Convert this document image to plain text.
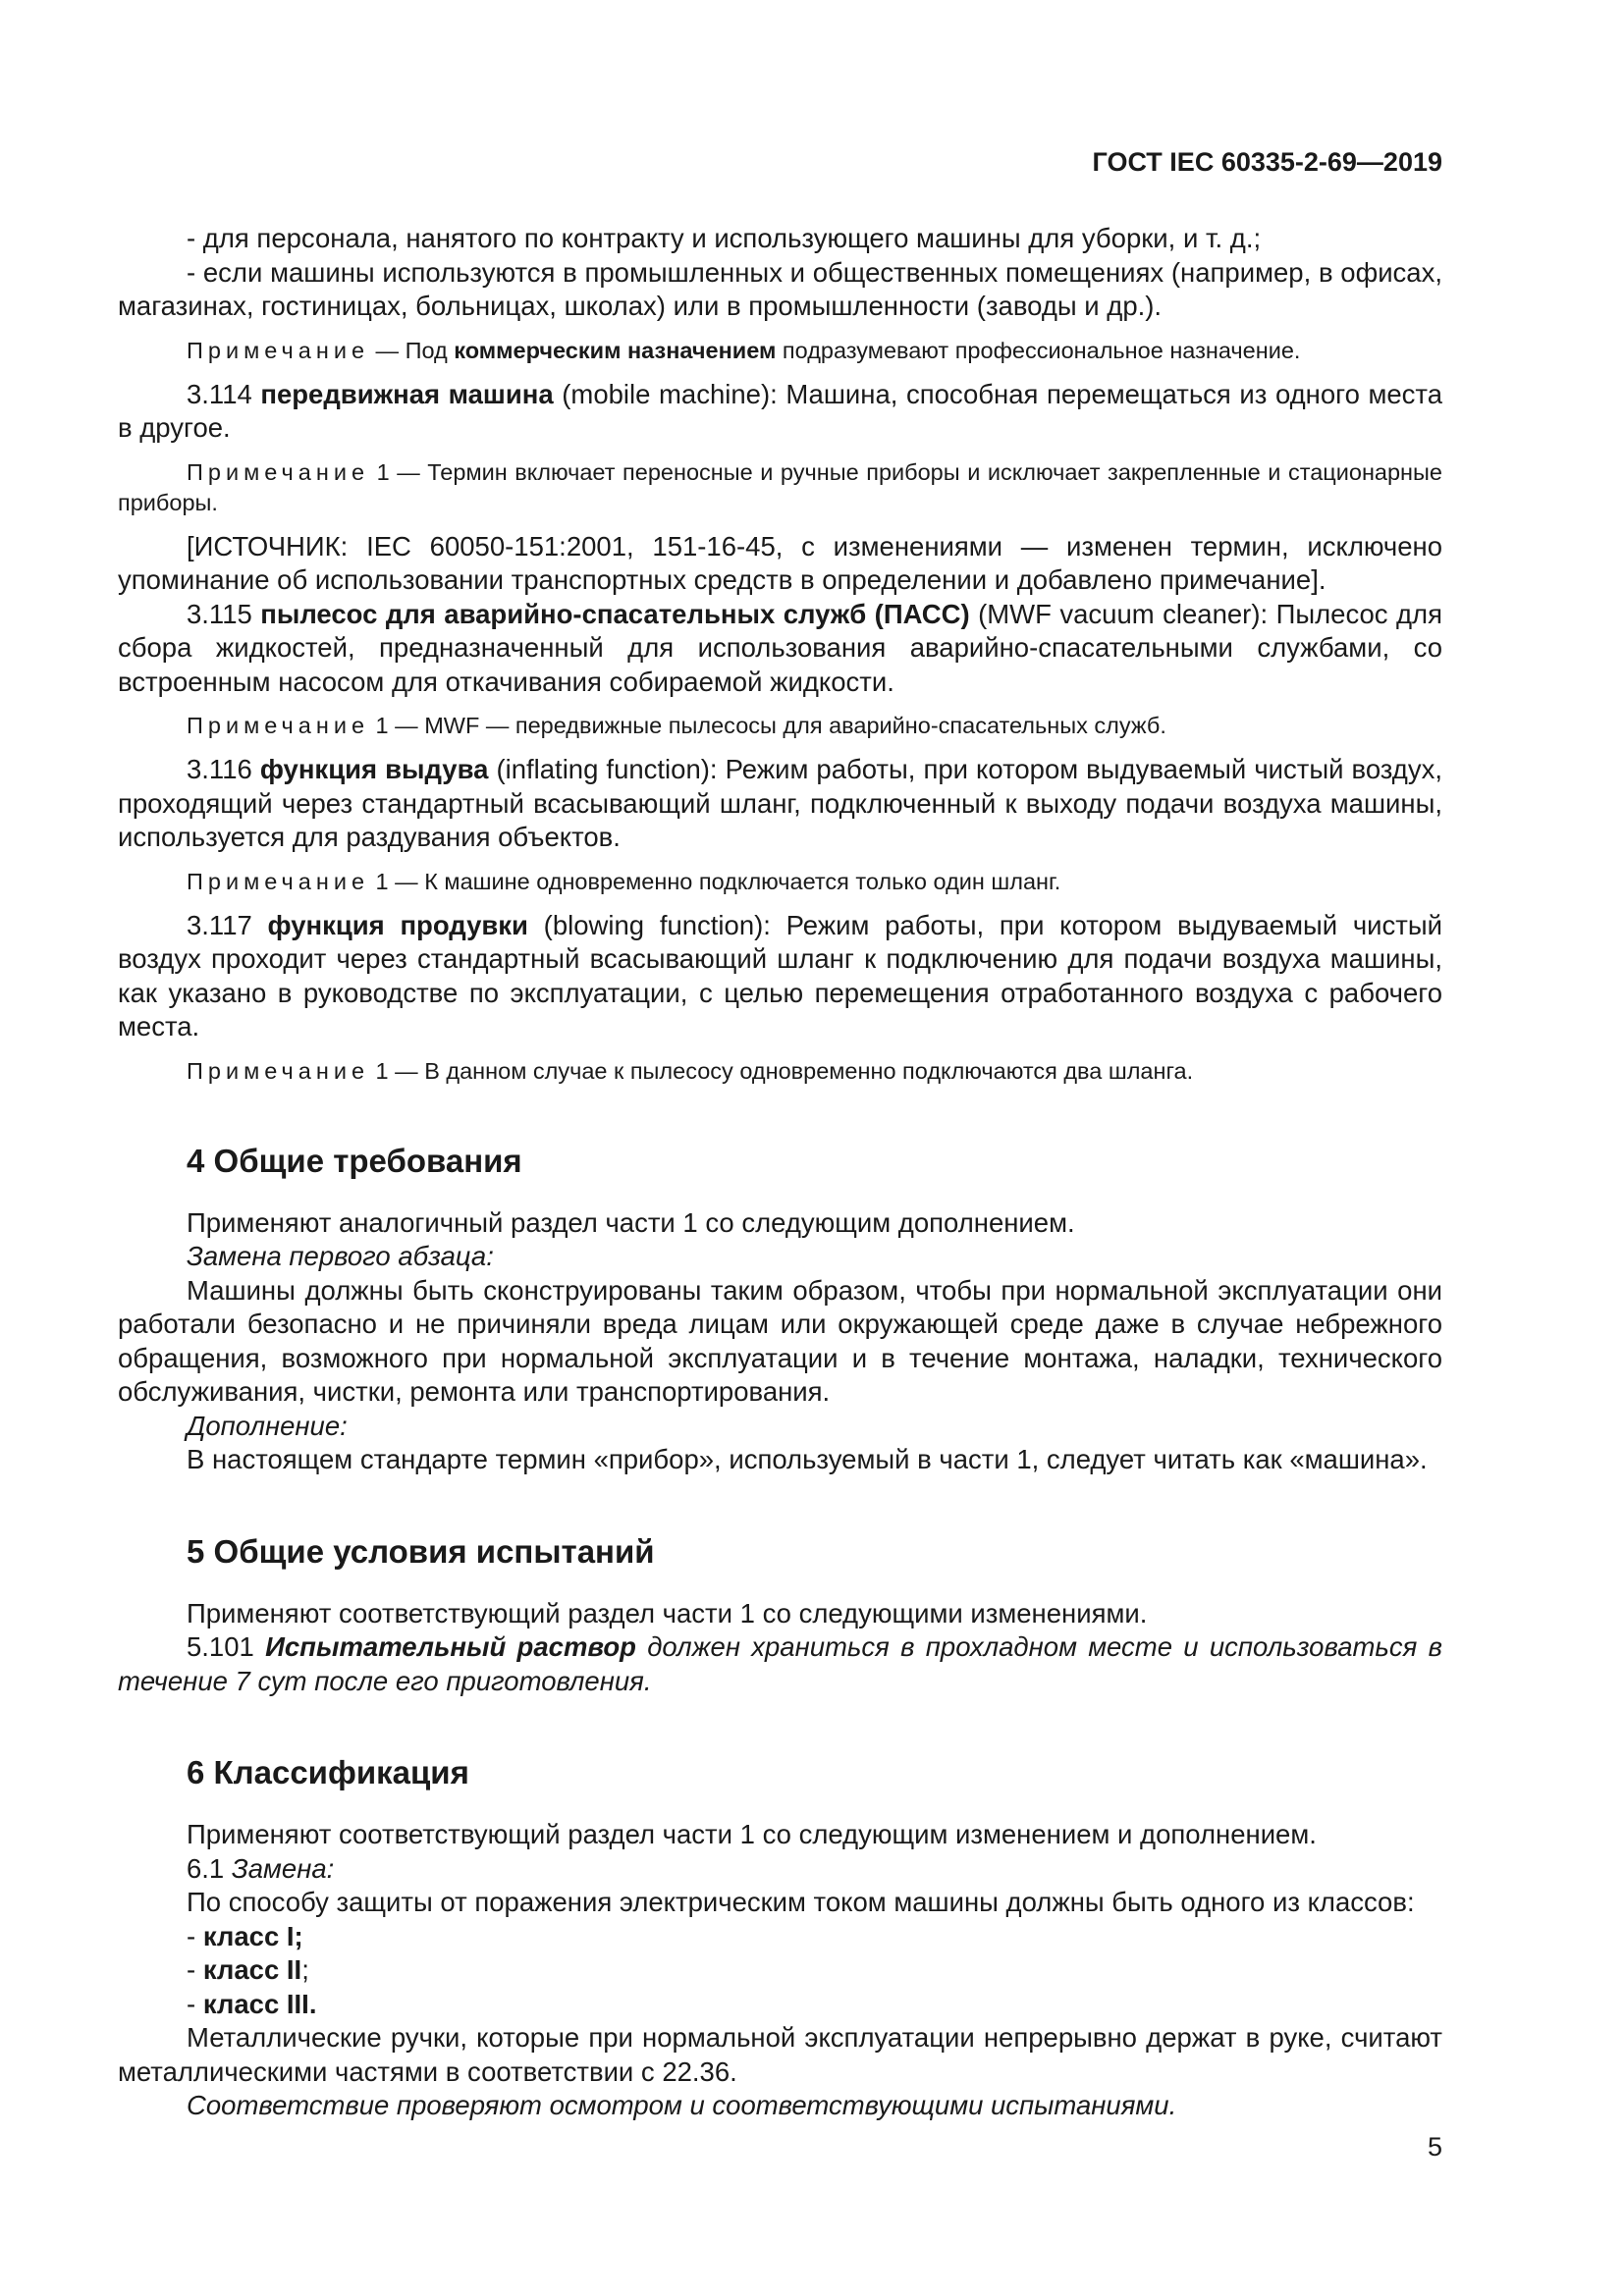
ГОСТ IEC 60335-2-69—2019

- для персонала, нанятого по контракту и использующего машины для уборки, и т. д.;

- если машины используются в промышленных и общественных помещениях (например, в офисах, магазинах, гостиницах, больницах, школах) или в промышленности (заводы и др.).

Примечание — Под коммерческим назначением подразумевают профессиональное назначение.

3.114 передвижная машина (mobile machine): Машина, способная перемещаться из одного места в другое.

Примечание 1 — Термин включает переносные и ручные приборы и исключает закрепленные и стационарные приборы.

[ИСТОЧНИК: IEC 60050-151:2001, 151-16-45, с изменениями — изменен термин, исключено упоминание об использовании транспортных средств в определении и добавлено примечание].

3.115 пылесос для аварийно-спасательных служб (ПАСС) (MWF vacuum cleaner): Пылесос для сбора жидкостей, предназначенный для использования аварийно-спасательными службами, со встроенным насосом для откачивания собираемой жидкости.

Примечание 1 — MWF — передвижные пылесосы для аварийно-спасательных служб.

3.116 функция выдува (inflating function): Режим работы, при котором выдуваемый чистый воздух, проходящий через стандартный всасывающий шланг, подключенный к выходу подачи воздуха машины, используется для раздувания объектов.

Примечание 1 — К машине одновременно подключается только один шланг.

3.117 функция продувки (blowing function): Режим работы, при котором выдуваемый чистый воздух проходит через стандартный всасывающий шланг к подключению для подачи воздуха машины, как указано в руководстве по эксплуатации, с целью перемещения отработанного воздуха с рабочего места.

Примечание 1 — В данном случае к пылесосу одновременно подключаются два шланга.

4 Общие требования

Применяют аналогичный раздел части 1 со следующим дополнением.

Замена первого абзаца:

Машины должны быть сконструированы таким образом, чтобы при нормальной эксплуатации они работали безопасно и не причиняли вреда лицам или окружающей среде даже в случае небрежного обращения, возможного при нормальной эксплуатации и в течение монтажа, наладки, технического обслуживания, чистки, ремонта или транспортирования.

Дополнение:

В настоящем стандарте термин «прибор», используемый в части 1, следует читать как «машина».

5 Общие условия испытаний

Применяют соответствующий раздел части 1 со следующими изменениями.

5.101 Испытательный раствор должен храниться в прохладном месте и использоваться в течение 7 сут после его приготовления.

6 Классификация

Применяют соответствующий раздел части 1 со следующим изменением и дополнением.

6.1 Замена:

По способу защиты от поражения электрическим током машины должны быть одного из классов:

- класс I;

- класс II;

- класс III.

Металлические ручки, которые при нормальной эксплуатации непрерывно держат в руке, считают металлическими частями в соответствии с 22.36.

Соответствие проверяют осмотром и соответствующими испытаниями.

5
